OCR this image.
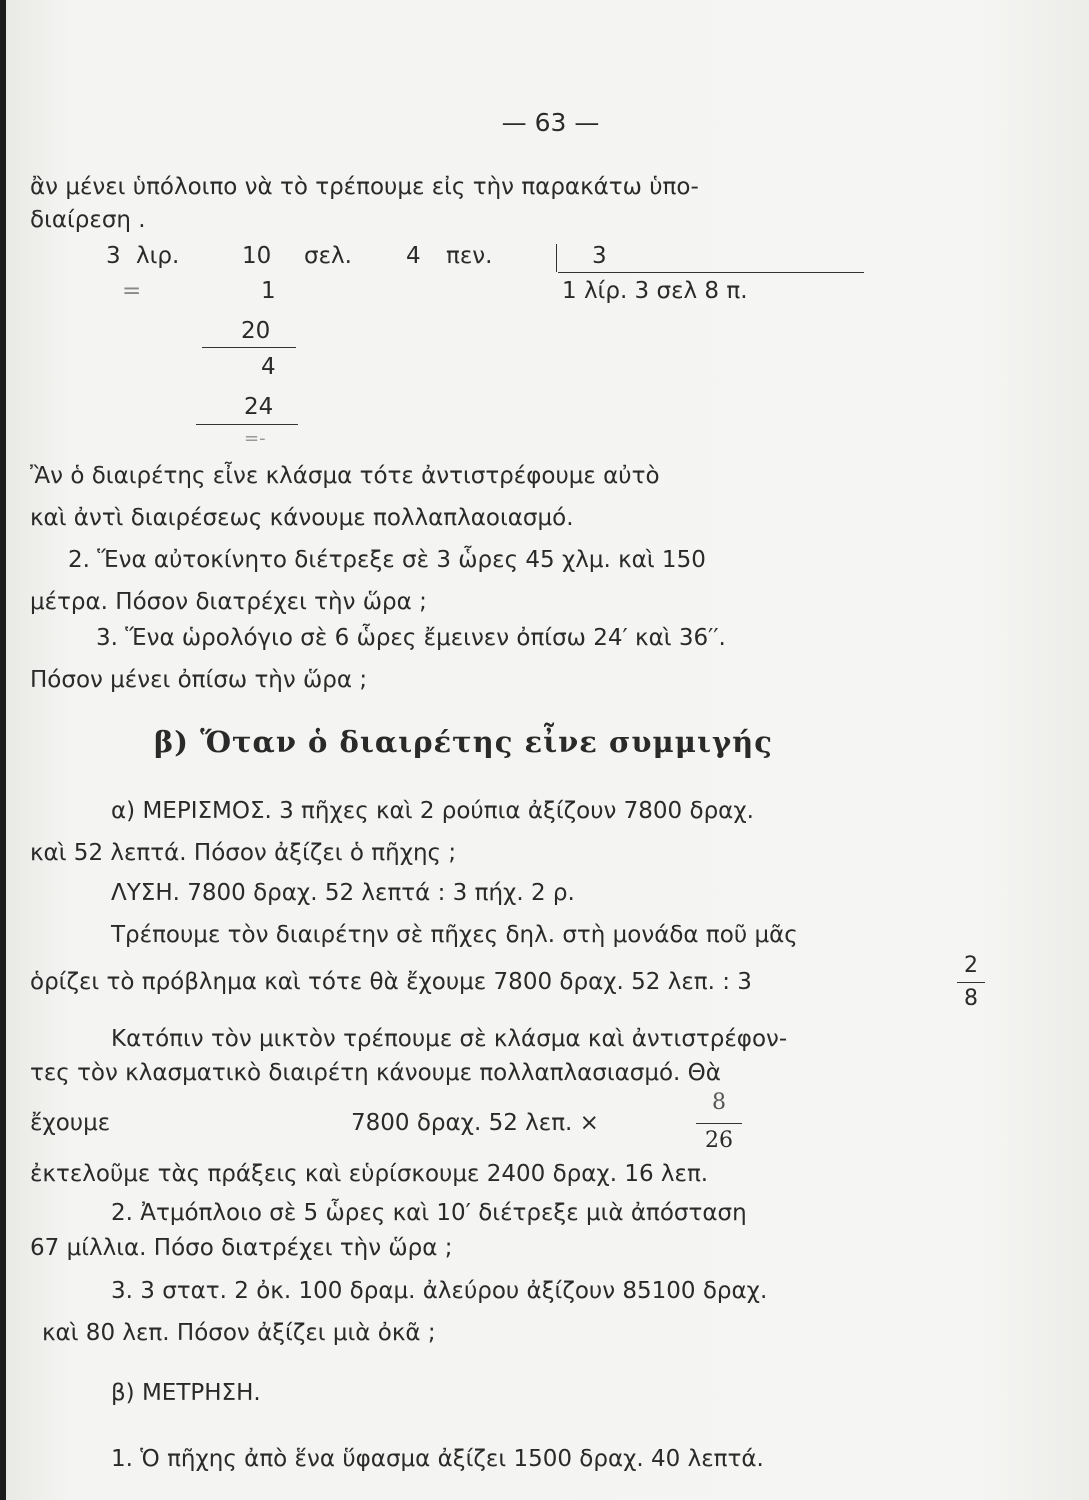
— 63 —
ἂν μένει ὑπόλοιπο νὰ τὸ τρέπουμε εἰς τὴν παρακάτω ὑπο-
διαίρεση .
3 λιρ.	10 σελ. 4 πεν.	3
1 λίρ. 3 σελ 8 π.
=	1
20
4
24
=-
Ἂν ὁ διαιρέτης εἶνε κλάσμα τότε ἀντιστρέφουμε αὐτὸ
καὶ ἀντὶ διαιρέσεως κάνουμε πολλαπλαοιασμό.
2. Ἕνα αὐτοκίνητο διέτρεξε σὲ 3 ὧρες 45 χλμ. καὶ 150
μέτρα. Πόσον διατρέχει τὴν ὥρα ;
3. Ἕνα ὡρολόγιο σὲ 6 ὧρες ἔμεινεν ὀπίσω 24′ καὶ 36′′.
Πόσον μένει ὀπίσω τὴν ὥρα ;
β) Ὅταν ὁ διαιρέτης εἶνε συμμιγής
α) ΜΕΡΙΣΜΟΣ. 3 πῆχες καὶ 2 ρούπια ἀξίζουν 7800 δραχ.
καὶ 52 λεπτά. Πόσον ἀξίζει ὁ πῆχης ;
ΛΥΣΗ. 7800 δραχ. 52 λεπτά : 3 πήχ. 2 ρ.
Τρέπουμε τὸν διαιρέτην σὲ πῆχες δηλ. στὴ μονάδα ποῦ μᾶς
ὁρίζει τὸ πρόβλημα καὶ τότε θὰ ἔχουμε 7800 δραχ. 52 λεπ. : 3
2
8
Κατόπιν τὸν μικτὸν τρέπουμε σὲ κλάσμα καὶ ἀντιστρέφον-
τες τὸν κλασματικὸ διαιρέτη κάνουμε πολλαπλασιασμό. Θὰ
ἔχουμε	7800 δραχ. 52 λεπ. ×
8
26
ἐκτελοῦμε τὰς πράξεις καὶ εὑρίσκουμε 2400 δραχ. 16 λεπ.
2. Ἀτμόπλοιο σὲ 5 ὧρες καὶ 10′ διέτρεξε μιὰ ἀπόσταση
67 μίλλια. Πόσο διατρέχει τὴν ὥρα ;
3. 3 στατ. 2 ὀκ. 100 δραμ. ἀλεύρου ἀξίζουν 85100 δραχ.
καὶ 80 λεπ. Πόσον ἀξίζει μιὰ ὀκᾶ ;
β) ΜΕΤΡΗΣΗ.
1. Ὁ πῆχης ἀπὸ ἕνα ὕφασμα ἀξίζει 1500 δραχ. 40 λεπτά.
